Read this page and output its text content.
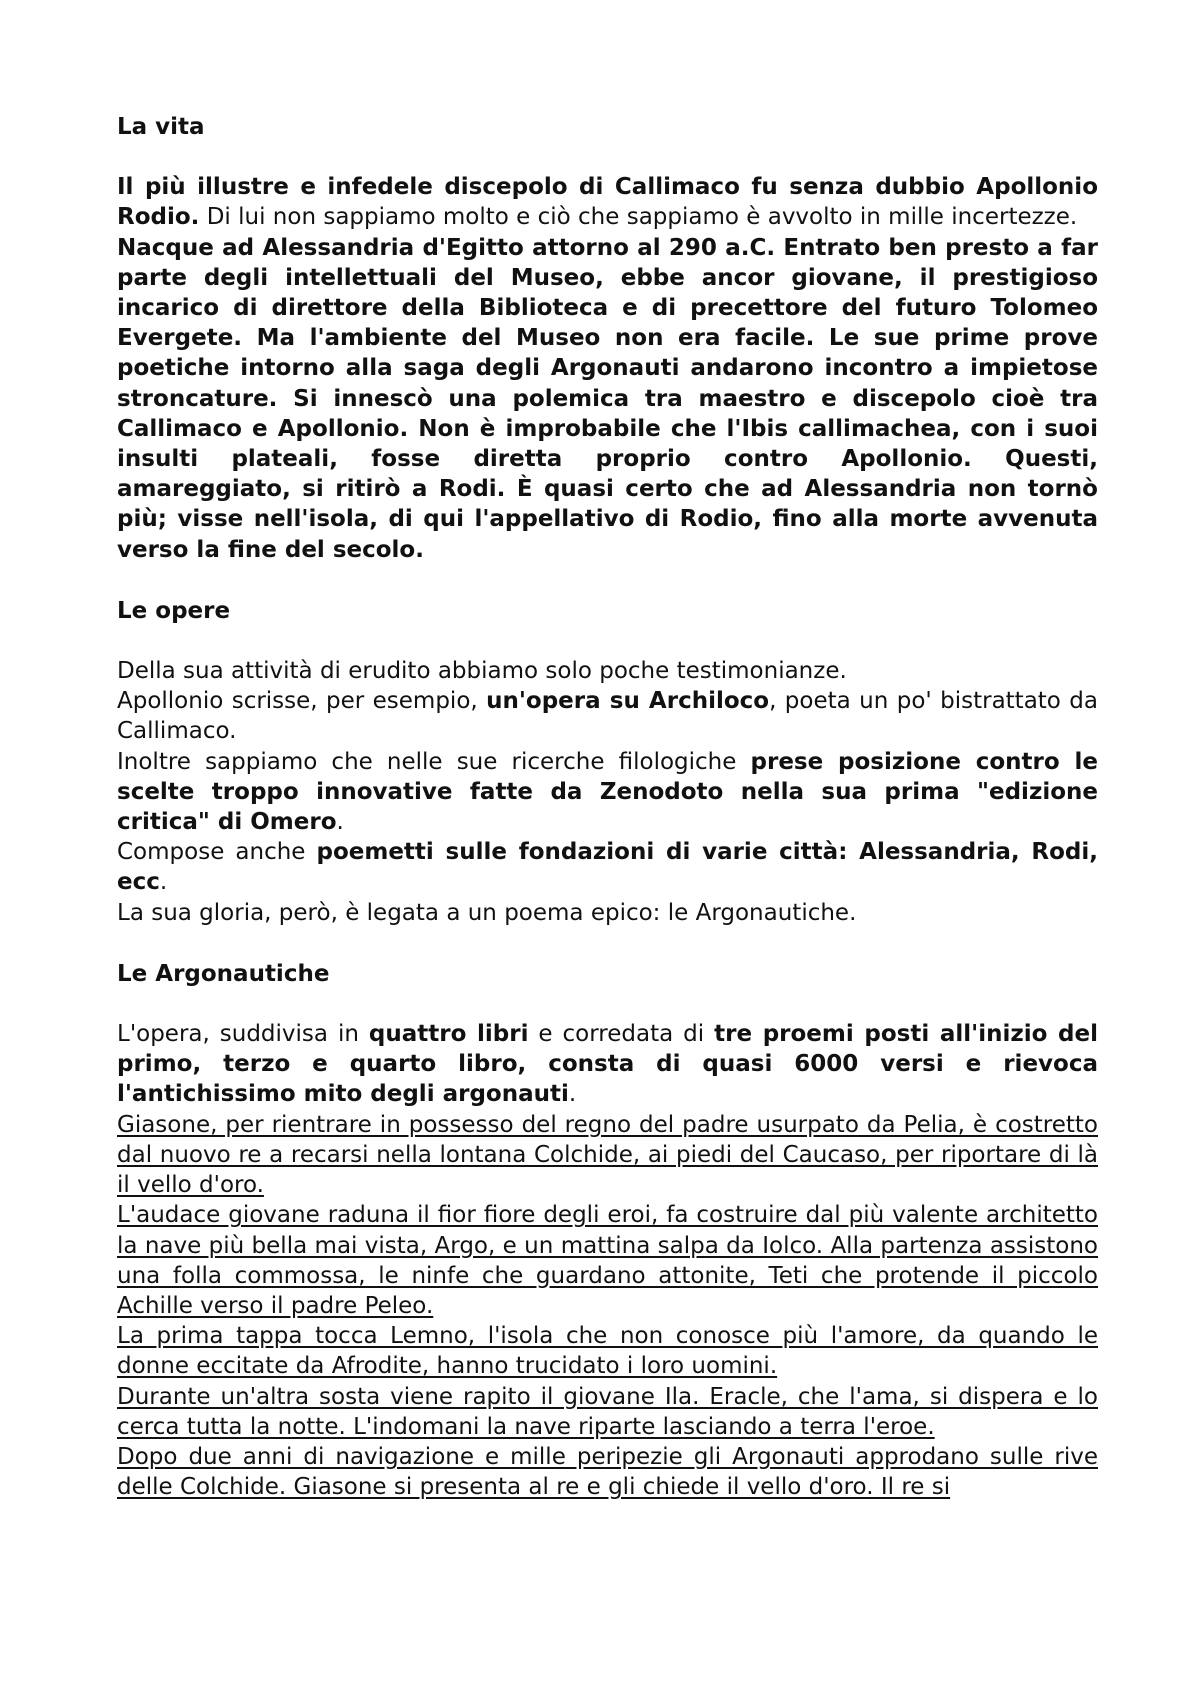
La vita

Il più illustre e infedele discepolo di Callimaco fu senza dubbio Apollonio Rodio. Di lui non sappiamo molto e ciò che sappiamo è avvolto in mille incertezze.

Nacque ad Alessandria d'Egitto attorno al 290 a.C. Entrato ben presto a far parte degli intellettuali del Museo, ebbe ancor giovane, il prestigioso incarico di direttore della Biblioteca e di precettore del futuro Tolomeo Evergete. Ma l'ambiente del Museo non era facile. Le sue prime prove poetiche intorno alla saga degli Argonauti andarono incontro a impietose stroncature. Si innescò una polemica tra maestro e discepolo cioè tra Callimaco e Apollonio. Non è improbabile che l'Ibis callimachea, con i suoi insulti plateali, fosse diretta proprio contro Apollonio. Questi, amareggiato, si ritirò a Rodi. È quasi certo che ad Alessandria non tornò più; visse nell'isola, di qui l'appellativo di Rodio, fino alla morte avvenuta verso la fine del secolo.

Le opere

Della sua attività di erudito abbiamo solo poche testimonianze.

Apollonio scrisse, per esempio, un'opera su Archiloco, poeta un po' bistrattato da Callimaco.

Inoltre sappiamo che nelle sue ricerche filologiche prese posizione contro le scelte troppo innovative fatte da Zenodoto nella sua prima "edizione critica" di Omero.

Compose anche poemetti sulle fondazioni di varie città: Alessandria, Rodi, ecc.

La sua gloria, però, è legata a un poema epico: le Argonautiche.

Le Argonautiche

L'opera, suddivisa in quattro libri e corredata di tre proemi posti all'inizio del primo, terzo e quarto libro, consta di quasi 6000 versi e rievoca l'antichissimo mito degli argonauti.

Giasone, per rientrare in possesso del regno del padre usurpato da Pelia, è costretto dal nuovo re a recarsi nella lontana Colchide, ai piedi del Caucaso, per riportare di là il vello d'oro.

L'audace giovane raduna il fior fiore degli eroi, fa costruire dal più valente architetto la nave più bella mai vista, Argo, e un mattina salpa da Iolco. Alla partenza assistono una folla commossa, le ninfe che guardano attonite, Teti che protende il piccolo Achille verso il padre Peleo.

La prima tappa tocca Lemno, l'isola che non conosce più l'amore, da quando le donne eccitate da Afrodite, hanno trucidato i loro uomini.

Durante un'altra sosta viene rapito il giovane Ila. Eracle, che l'ama, si dispera e lo cerca tutta la notte. L'indomani la nave riparte lasciando a terra l'eroe.

Dopo due anni di navigazione e mille peripezie gli Argonauti approdano sulle rive delle Colchide. Giasone si presenta al re e gli chiede il vello d'oro. Il re si
